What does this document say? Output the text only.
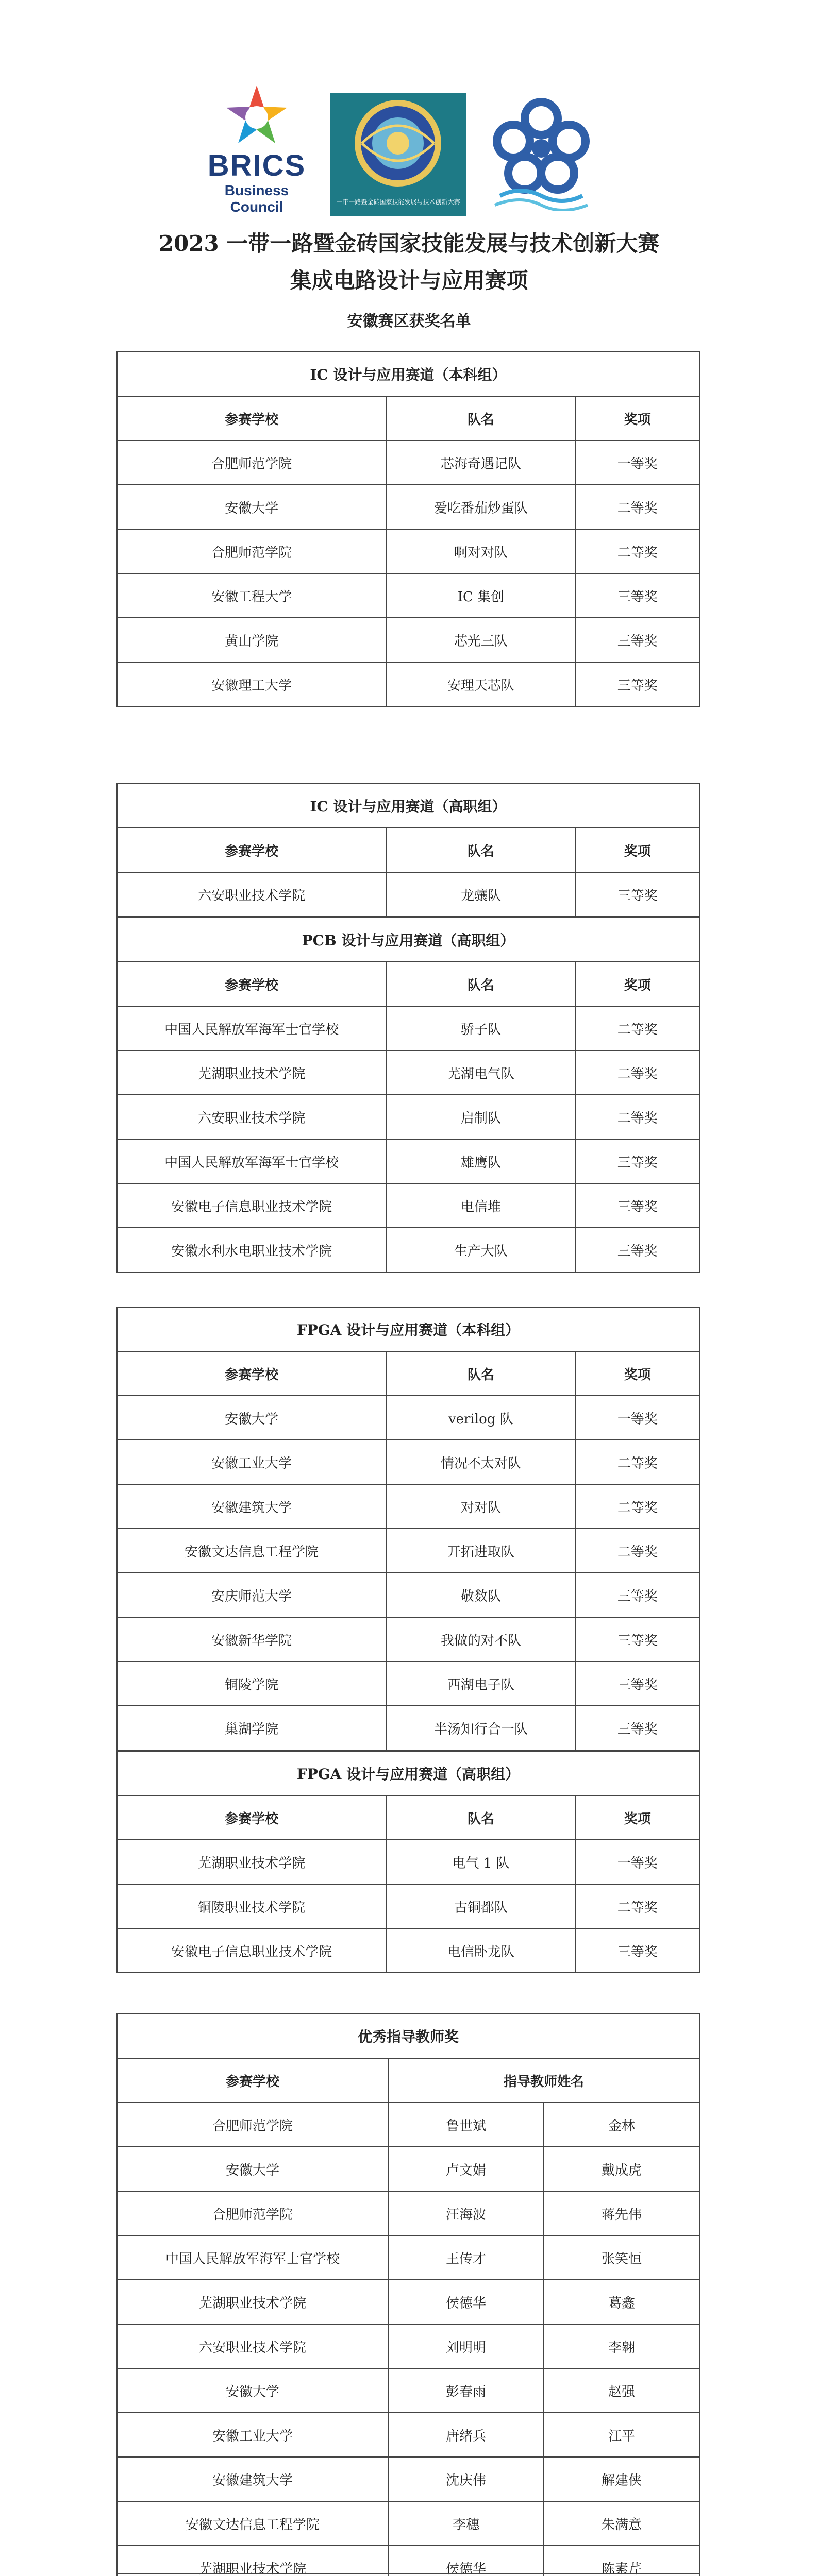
BRICS
Business Council	一带一路暨金砖国家技能发展与技术创新大赛
2023 一带一路暨金砖国家技能发展与技术创新大赛
集成电路设计与应用赛项
安徽赛区获奖名单
IC 设计与应用赛道（本科组）		
参赛学校	队名	奖项
合肥师范学院	芯海奇遇记队	一等奖
安徽大学	爱吃番茄炒蛋队	二等奖
合肥师范学院	啊对对队	二等奖
安徽工程大学	IC 集创	三等奖
黄山学院	芯光三队	三等奖
安徽理工大学	安理天芯队	三等奖
IC 设计与应用赛道（高职组）		
参赛学校	队名	奖项
六安职业技术学院	龙骧队	三等奖
PCB 设计与应用赛道（高职组）		
参赛学校	队名	奖项
中国人民解放军海军士官学校	骄子队	二等奖
芜湖职业技术学院	芜湖电气队	二等奖
六安职业技术学院	启制队	二等奖
中国人民解放军海军士官学校	雄鹰队	三等奖
安徽电子信息职业技术学院	电信堆	三等奖
安徽水利水电职业技术学院	生产大队	三等奖
FPGA 设计与应用赛道（本科组）		
参赛学校	队名	奖项
安徽大学	verilog 队	一等奖
安徽工业大学	情况不太对队	二等奖
安徽建筑大学	对对队	二等奖
安徽文达信息工程学院	开拓进取队	二等奖
安庆师范大学	敬数队	三等奖
安徽新华学院	我做的对不队	三等奖
铜陵学院	西湖电子队	三等奖
巢湖学院	半汤知行合一队	三等奖
FPGA 设计与应用赛道（高职组）		
参赛学校	队名	奖项
芜湖职业技术学院	电气 1 队	一等奖
铜陵职业技术学院	古铜都队	二等奖
安徽电子信息职业技术学院	电信卧龙队	三等奖
优秀指导教师奖		
参赛学校	指导教师姓名	
合肥师范学院	鲁世斌	金林
安徽大学	卢文娟	戴成虎
合肥师范学院	汪海波	蒋先伟
中国人民解放军海军士官学校	王传才	张笑恒
芜湖职业技术学院	侯德华	葛鑫
六安职业技术学院	刘明明	李翱
安徽大学	彭春雨	赵强
安徽工业大学	唐绪兵	江平
安徽建筑大学	沈庆伟	解建侠
安徽文达信息工程学院	李穗	朱满意
芜湖职业技术学院	侯德华	陈素芹
